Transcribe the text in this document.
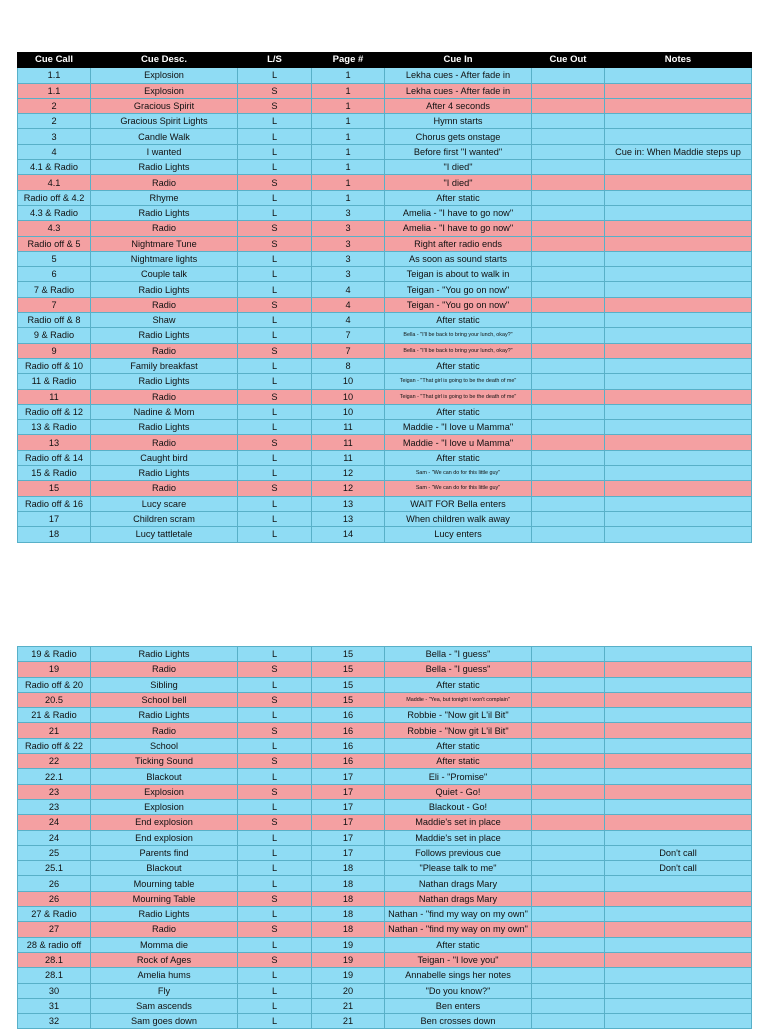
Cue Call	Cue Desc.	L/S	Page #	Cue In	Cue Out	Notes
1.1	Explosion	L	1	Lekha cues - After fade in		
1.1	Explosion	S	1	Lekha cues - After fade in		
2	Gracious Spirit	S	1	After 4 seconds		
2	Gracious Spirit Lights	L	1	Hymn starts		
3	Candle Walk	L	1	Chorus gets onstage		
4	I wanted	L	1	Before first "I wanted"		Cue in: When Maddie steps up
4.1 & Radio	Radio Lights	L	1	"I died"		
4.1	Radio	S	1	"I died"		
Radio off & 4.2	Rhyme	L	1	After static		
4.3 & Radio	Radio Lights	L	3	Amelia - "I have to go now"		
4.3	Radio	S	3	Amelia - "I have to go now"		
Radio off & 5	Nightmare Tune	S	3	Right after radio ends		
5	Nightmare lights	L	3	As soon as sound starts		
6	Couple talk	L	3	Teigan is about to walk in		
7 & Radio	Radio Lights	L	4	Teigan - "You go on now"		
7	Radio	S	4	Teigan - "You go on now"		
Radio off & 8	Shaw	L	4	After static		
9 & Radio	Radio Lights	L	7	Bella - "I'll be back to bring your lunch, okay?"		
9	Radio	S	7	Bella - "I'll be back to bring your lunch, okay?"		
Radio off & 10	Family breakfast	L	8	After static		
11 & Radio	Radio Lights	L	10	Teigan - "That girl is going to be the death of me"		
11	Radio	S	10	Teigan - "That girl is going to be the death of me"		
Radio off & 12	Nadine & Mom	L	10	After static		
13 & Radio	Radio Lights	L	11	Maddie - "I love u Mamma"		
13	Radio	S	11	Maddie - "I love u Mamma"		
Radio off & 14	Caught bird	L	11	After static		
15 & Radio	Radio Lights	L	12	Sam - "We can do for this little guy"		
15	Radio	S	12	Sam - "We can do for this little guy"		
Radio off & 16	Lucy scare	L	13	WAIT FOR Bella enters		
17	Children scram	L	13	When children walk away		
18	Lucy tattletale	L	14	Lucy enters		
19 & Radio	Radio Lights	L	15	Bella - "I guess"		
19	Radio	S	15	Bella - "I guess"		
Radio off & 20	Sibling	L	15	After static		
20.5	School bell	S	15	Maddie - "Yea, but tonight I won't complain"		
21 & Radio	Radio Lights	L	16	Robbie - "Now git L'il Bit"		
21	Radio	S	16	Robbie - "Now git L'il Bit"		
Radio off & 22	School	L	16	After static		
22	Ticking Sound	S	16	After static		
22.1	Blackout	L	17	Eli - "Promise"		
23	Explosion	S	17	Quiet - Go!		
23	Explosion	L	17	Blackout - Go!		
24	End explosion	S	17	Maddie's set in place		
24	End explosion	L	17	Maddie's set in place		
25	Parents find	L	17	Follows previous cue		Don't call
25.1	Blackout	L	18	"Please talk to me"		Don't call
26	Mourning table	L	18	Nathan drags Mary		
26	Mourning Table	S	18	Nathan drags Mary		
27 & Radio	Radio Lights	L	18	Nathan - "find my way on my own"		
27	Radio	S	18	Nathan - "find my way on my own"		
28 & radio off	Momma die	L	19	After static		
28.1	Rock of Ages	S	19	Teigan - "I love you"		
28.1	Amelia hums	L	19	Annabelle sings her notes		
30	Fly	L	20	"Do you know?"		
31	Sam ascends	L	21	Ben enters		
32	Sam goes down	L	21	Ben crosses down		
